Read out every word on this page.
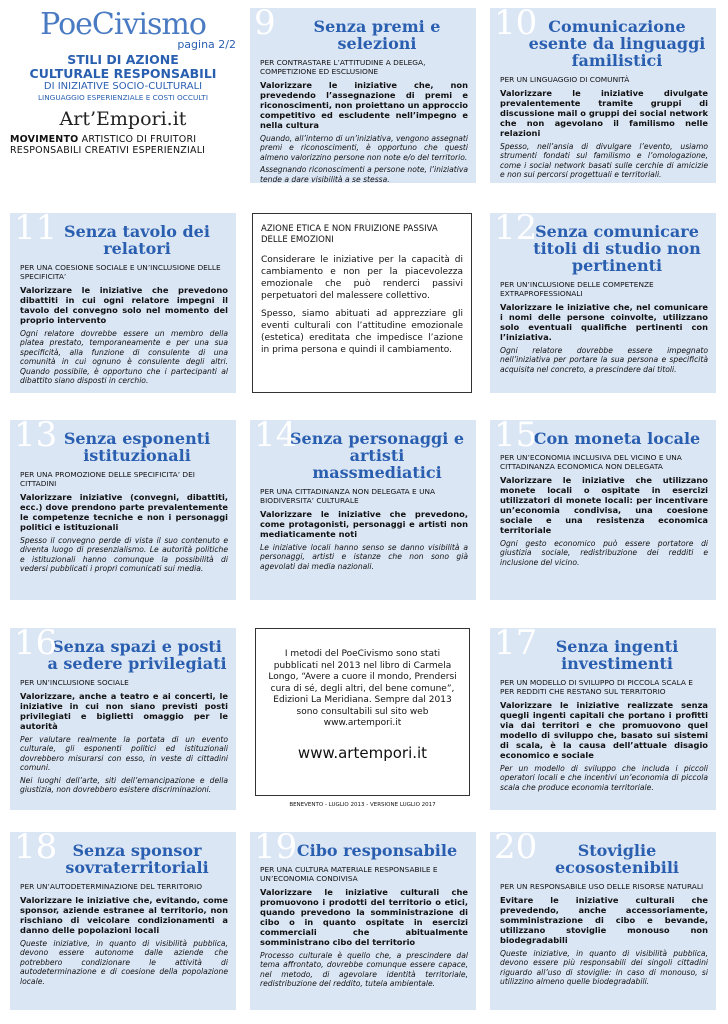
PoeCivismo
pagina 2/2
STILI DI AZIONE
CULTURALE RESPONSABILI
DI INIZIATIVE SOCIO-CULTURALI
LINGUAGGIO ESPERIENZIALE E COSTI OCCULTI
Art’Empori.it
MOVIMENTO ARTISTICO DI FRUITORI
RESPONSABILI CREATIVI ESPERIENZIALI
9	Senza premi e selezioni
PER CONTRASTARE L’ATTITUDINE A DELEGA, COMPETIZIONE ED ESCLUSIONE
Valorizzare le iniziative che, non prevedendo l’assegnazione di premi e riconoscimenti, non proiettano un approccio competitivo ed escludente nell’impegno e nella cultura
Quando, all’interno di un’iniziativa, vengono assegnati premi e riconoscimenti, è opportuno che questi almeno valorizzino persone non note e/o del territorio.
Assegnando riconoscimenti a persone note, l’iniziativa tende a dare visibilità a se stessa.
10 Comunicazione esente da linguaggi familistici
PER UN LINGUAGGIO DI COMUNITÀ
Valorizzare le iniziative divulgate prevalentemente tramite gruppi di discussione mail o gruppi dei social network che non agevolano il familismo nelle relazioni
Spesso, nell’ansia di divulgare l’evento, usiamo strumenti fondati sul familismo e l’omologazione, come i social network basati sulle cerchie di amicizie e non sui percorsi progettuali e territoriali.
11 Senza tavolo dei relatori
PER UNA COESIONE SOCIALE E UN’INCLUSIONE DELLE SPECIFICITA’
Valorizzare le iniziative che prevedono dibattiti in cui ogni relatore impegni il tavolo del convegno solo nel momento del proprio intervento
Ogni relatore dovrebbe essere un membro della platea prestato, temporaneamente e per una sua specificità, alla funzione di consulente di una comunità in cui ognuno è consulente degli altri. Quando possibile, è opportuno che i partecipanti al dibattito siano disposti in cerchio.
AZIONE ETICA E NON FRUIZIONE PASSIVA DELLE EMOZIONI
Considerare le iniziative per la capacità di cambiamento e non per la piacevolezza emozionale che può renderci passivi perpetuatori del malessere collettivo.
Spesso, siamo abituati ad apprezziare gli eventi culturali con l’attitudine emozionale (estetica) ereditata che impedisce l’azione in prima persona e quindi il cambiamento.
12
Senza comunicare titoli di studio non pertinenti
PER UN’INCLUSIONE DELLE COMPETENZE EXTRAPROFESSIONALI
Valorizzare le iniziative che, nel comunicare i nomi delle persone coinvolte, utilizzano solo eventuali qualifiche pertinenti con l’iniziativa.
Ogni relatore dovrebbe essere impegnato nell’iniziativa per portare la sua persona e specificità acquisita nel concreto, a prescindere dai titoli.
13 Senza esponenti istituzionali
PER UNA PROMOZIONE DELLE SPECIFICITA’ DEI CITTADINI
Valorizzare iniziative (convegni, dibattiti, ecc.) dove prendono parte prevalentemente le competenze tecniche e non i personaggi politici e istituzionali
Spesso il convegno perde di vista il suo contenuto e diventa luogo di presenzialismo. Le autorità politiche e istituzionali hanno comunque la possibilità di vedersi pubblicati i propri comunicati sui media.
14
Senza personaggi e artisti massmediatici
PER UNA CITTADINANZA NON DELEGATA E UNA BIODIVERSITA’ CULTURALE
Valorizzare le iniziative che prevedono, come protagonisti, personaggi e artisti non mediaticamente noti
Le iniziative locali hanno senso se danno visibilità a personaggi, artisti e istanze che non sono già agevolati dai media nazionali.
15
Con moneta locale
PER UN’ECONOMIA INCLUSIVA DEL VICINO E UNA CITTADINANZA ECONOMICA NON DELEGATA
Valorizzare le iniziative che utilizzano monete locali o ospitate in esercizi utilizzatori di monete locali: per incentivare un’economia condivisa, una coesione sociale e una resistenza economica territoriale
Ogni gesto economico può essere portatore di giustizia sociale, redistribuzione dei redditi e inclusione del vicino.
16
Senza spazi e posti a sedere privilegiati
PER UN’INCLUSIONE SOCIALE
Valorizzare, anche a teatro e ai concerti, le iniziative in cui non siano previsti posti privilegiati e biglietti omaggio per le autorità
Per valutare realmente la portata di un evento culturale, gli esponenti politici ed istituzionali dovrebbero misurarsi con esso, in veste di cittadini comuni.
Nei luoghi dell’arte, siti dell’emancipazione e della giustizia, non dovrebbero esistere discriminazioni.
I metodi del PoeCivismo sono stati pubblicati nel 2013 nel libro di Carmela Longo, “Avere a cuore il mondo, Prendersi cura di sé, degli altri, del bene comune”, Edizioni La Meridiana. Sempre dal 2013 sono consultabili sul sito web www.artempori.it
www.artempori.it
BENEVENTO - LUGLIO 2013 - VERSIONE LUGLIO 2017
17	Senza ingenti investimenti
PER UN MODELLO DI SVILUPPO DI PICCOLA SCALA E PER REDDITI CHE RESTANO SUL TERRITORIO
Valorizzare le iniziative realizzate senza quegli ingenti capitali che portano i profitti via dai territori e che promuovono quel modello di sviluppo che, basato sui sistemi di scala, è la causa dell’attuale disagio economico e sociale
Per un modello di sviluppo che includa i piccoli operatori locali e che incentivi un’economia di piccola scala che produce economia territoriale.
18 Senza sponsor sovraterritoriali
PER UN’AUTODETERMINAZIONE DEL TERRITORIO
Valorizzare le iniziative che, evitando, come sponsor, aziende estranee al territorio, non rischiano di veicolare condizionamenti a danno delle popolazioni locali
Queste iniziative, in quanto di visibilità pubblica, devono essere autonome dalle aziende che potrebbero condizionare le attività di autodeterminazione e di coesione della popolazione locale.
19 Cibo responsabile
PER UNA CULTURA MATERIALE RESPONSABILE E UN’ECONOMIA CONDIVISA
Valorizzare le iniziative culturali che promuovono i prodotti del territorio o etici, quando prevedono la somministrazione di cibo o in quanto ospitate in esercizi commerciali che abitualmente somministrano cibo del territorio
Processo culturale è quello che, a prescindere dal tema affrontato, dovrebbe comunque essere capace, nel metodo, di agevolare identità territoriale, redistribuzione del reddito, tutela ambientale.
20	Stoviglie ecosostenibili
PER UN RESPONSABILE USO DELLE RISORSE NATURALI
Evitare le iniziative culturali che prevedendo, anche accessoriamente, somministrazione di cibo e bevande, utilizzano stoviglie monouso non biodegradabili
Queste iniziative, in quanto di visibilità pubblica, devono essere più responsabili dei singoli cittadini riguardo all’uso di stoviglie: in caso di monouso, si utilizzino almeno quelle biodegradabili.
